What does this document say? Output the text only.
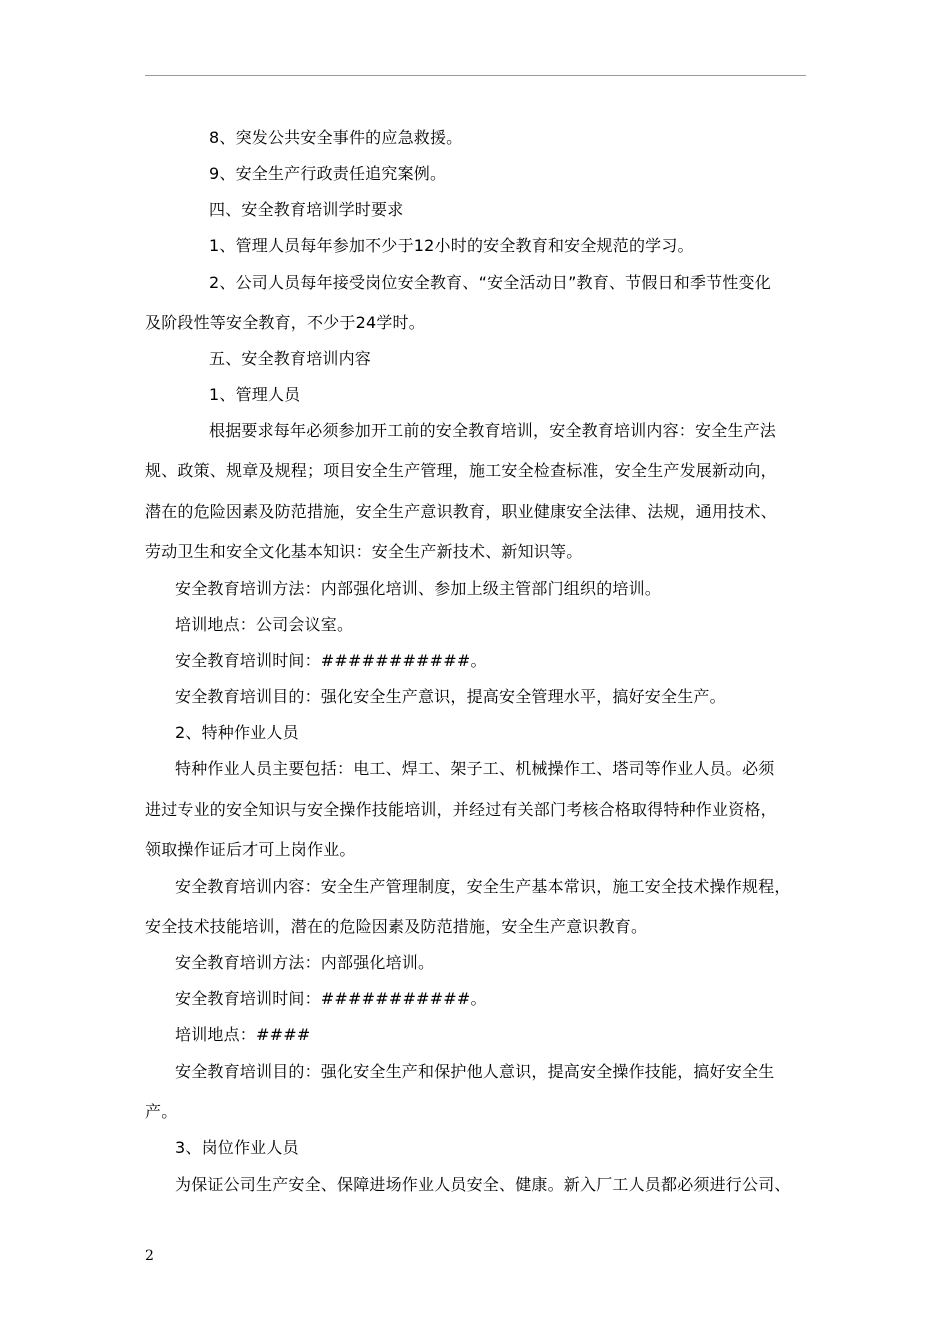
8、突发公共安全事件的应急救援。
9、安全生产行政责任追究案例。
四、安全教育培训学时要求
1、管理人员每年参加不少于12小时的安全教育和安全规范的学习。
2、公司人员每年接受岗位安全教育、“安全活动日”教育、节假日和季节性变化
及阶段性等安全教育，不少于24学时。
五、安全教育培训内容
1、管理人员
根据要求每年必须参加开工前的安全教育培训，安全教育培训内容：安全生产法
规、政策、规章及规程；项目安全生产管理，施工安全检查标准，安全生产发展新动向，
潜在的危险因素及防范措施，安全生产意识教育，职业健康安全法律、法规，通用技术、
劳动卫生和安全文化基本知识：安全生产新技术、新知识等。
安全教育培训方法：内部强化培训、参加上级主管部门组织的培训。
培训地点：公司会议室。
安全教育培训时间：###########。
安全教育培训目的：强化安全生产意识，提高安全管理水平，搞好安全生产。
2、特种作业人员
特种作业人员主要包括：电工、焊工、架子工、机械操作工、塔司等作业人员。必须
进过专业的安全知识与安全操作技能培训，并经过有关部门考核合格取得特种作业资格，
领取操作证后才可上岗作业。
安全教育培训内容：安全生产管理制度，安全生产基本常识，施工安全技术操作规程，
安全技术技能培训，潜在的危险因素及防范措施，安全生产意识教育。
安全教育培训方法：内部强化培训。
安全教育培训时间：###########。
培训地点：####
安全教育培训目的：强化安全生产和保护他人意识，提高安全操作技能，搞好安全生
产。
3、岗位作业人员
为保证公司生产安全、保障进场作业人员安全、健康。新入厂工人员都必须进行公司、
2
